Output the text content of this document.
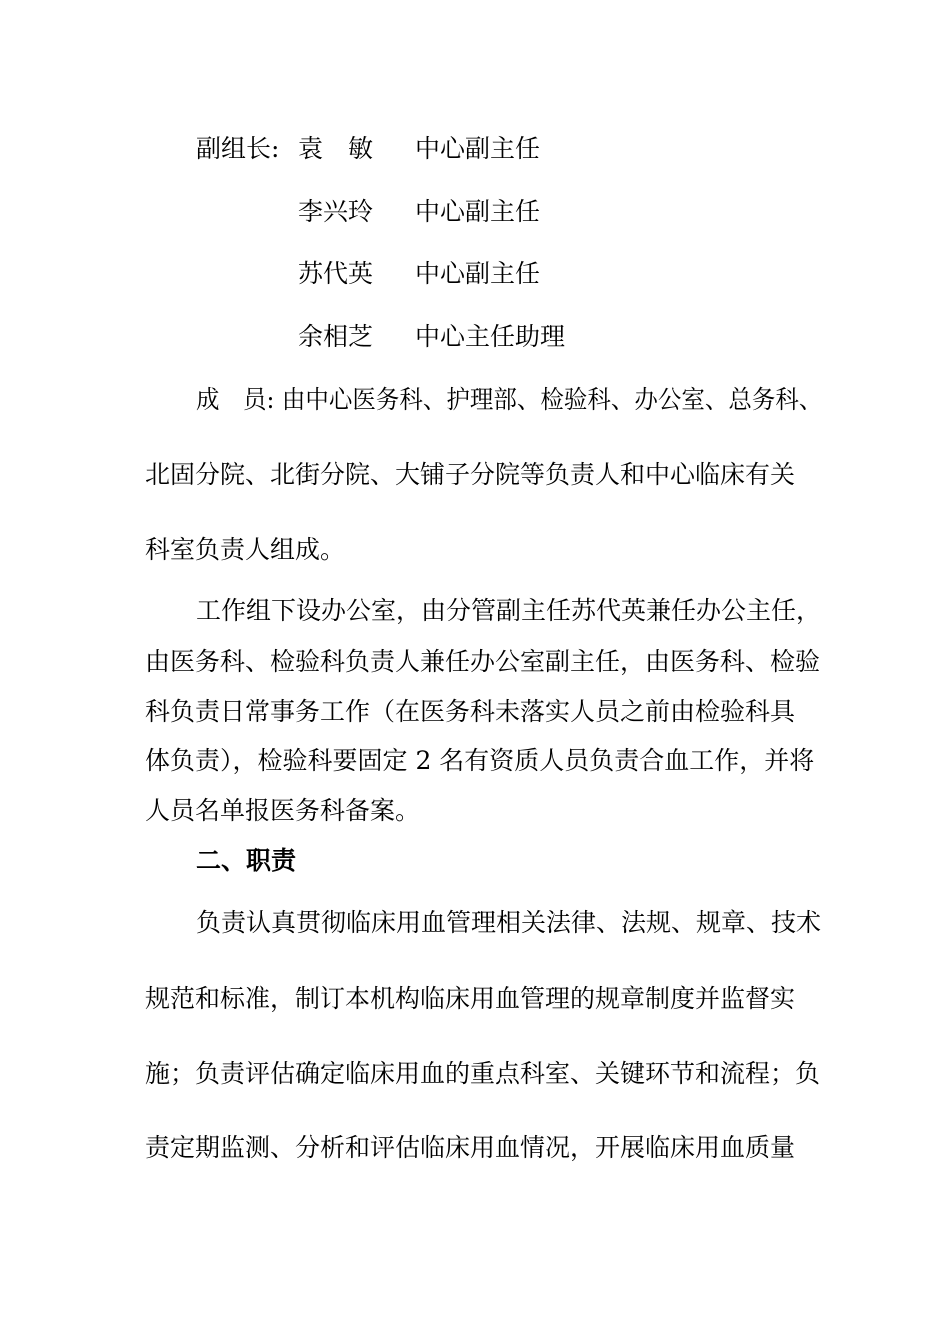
副组长: 袁　敏 中心副主任
李兴玲 中心副主任
苏代英 中心副主任
余相芝 中心主任助理
成　员: 由中心医务科、护理部、检验科、办公室、总务科、
北固分院、北街分院、大铺子分院等负责人和中心临床有关
科室负责人组成。
工作组下设办公室，由分管副主任苏代英兼任办公主任，
由医务科、检验科负责人兼任办公室副主任，由医务科、检验
科负责日常事务工作（在医务科未落实人员之前由检验科具
体负责），检验科要固定 2 名有资质人员负责合血工作，并将
人员名单报医务科备案。
二、职责
负责认真贯彻临床用血管理相关法律、法规、规章、技术
规范和标准，制订本机构临床用血管理的规章制度并监督实
施；负责评估确定临床用血的重点科室、关键环节和流程；负
责定期监测、分析和评估临床用血情况，开展临床用血质量
